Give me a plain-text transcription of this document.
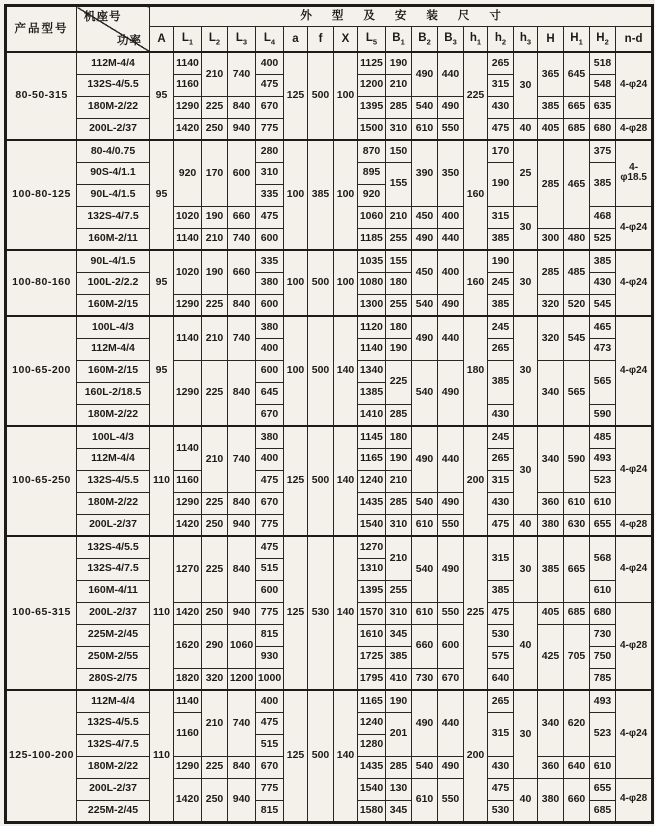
产品型号	机座号
功率	外型及安装尺寸																		
		A	$L_1$	$L_2$	$L_3$	$L_4$	a	f	X	$L_5$	$B_1$	$B_2$	$B_3$	$h_1$	$h_2$	$h_3$	H	$H_1$	$H_2$	n-d
80-50-315	112M-4/4	95	1140	210	740	400	125	500	100	1125	190	490	440	225	265	30	365	645	518	4-φ24
	132S-4/5.5		1160			475				1200	210				315				548	
	180M-2/22		1290	225	840	670				1395	285	540	490		430		385	665	635	
	200L-2/37		1420	250	940	775				1500	310	610	550		475	40	405	685	680	4-φ28
100-80-125	80-4/0.75	95	920	170	600	280	100	385	100	870	150	390	350	160	170	25	285	465	375	4-φ18.5
	90S-4/1.1					310				895	155				190				385	
	90L-4/1.5					335				920										
	132S-4/7.5		1020	190	660	475				1060	210	450	400		315	30			468	4-φ24
	160M-2/11		1140	210	740	600				1185	255	490	440		385		300	480	525	
100-80-160	90L-4/1.5	95	1020	190	660	335	100	500	100	1035	155	450	400	160	190	30	285	485	385	4-φ24
	100L-2/2.2					380				1080	180				245				430	
	160M-2/15		1290	225	840	600				1300	255	540	490		385		320	520	545	
100-65-200	100L-4/3	95	1140	210	740	380	100	500	140	1120	180	490	440	180	245	30	320	545	465	4-φ24
	112M-4/4					400				1140	190				265				473	
	160M-2/15		1290	225	840	600				1340	225	540	490		385		340	565	565	
	160L-2/18.5					645				1385										
	180M-2/22					670				1410	285				430				590	
100-65-250	100L-4/3	110	1140	210	740	380	125	500	140	1145	180	490	440	200	245	30	340	590	485	4-φ24
	112M-4/4					400				1165	190				265				493	
	132S-4/5.5		1160			475				1240	210				315				523	
	180M-2/22		1290	225	840	670				1435	285	540	490		430		360	610	610	
	200L-2/37		1420	250	940	775				1540	310	610	550		475	40	380	630	655	4-φ28
100-65-315	132S-4/5.5	110	1270	225	840	475	125	530	140	1270	210	540	490	225	315	30	385	665	568	4-φ24
	132S-4/7.5					515				1310										
	160M-4/11					600				1395	255				385				610	
	200L-2/37		1420	250	940	775				1570	310	610	550		475	40	405	685	680	4-φ28
	225M-2/45		1620	290	1060	815				1610	345	660	600		530		425	705	730	
	250M-2/55					930				1725	385				575				750	
	280S-2/75		1820	320	1200	1000				1795	410	730	670		640				785	
125-100-200	112M-4/4	110	1140	210	740	400	125	500	140	1165	190	490	440	200	265	30	340	620	493	4-φ24
	132S-4/5.5		1160			475				1240	201				315				523	
	132S-4/7.5					515				1280										
	180M-2/22		1290	225	840	670				1435	285	540	490		430		360	640	610	
	200L-2/37		1420	250	940	775				1540	130	610	550		475	40	380	660	655	4-φ28
	225M-2/45					815				1580	345				530				685	
